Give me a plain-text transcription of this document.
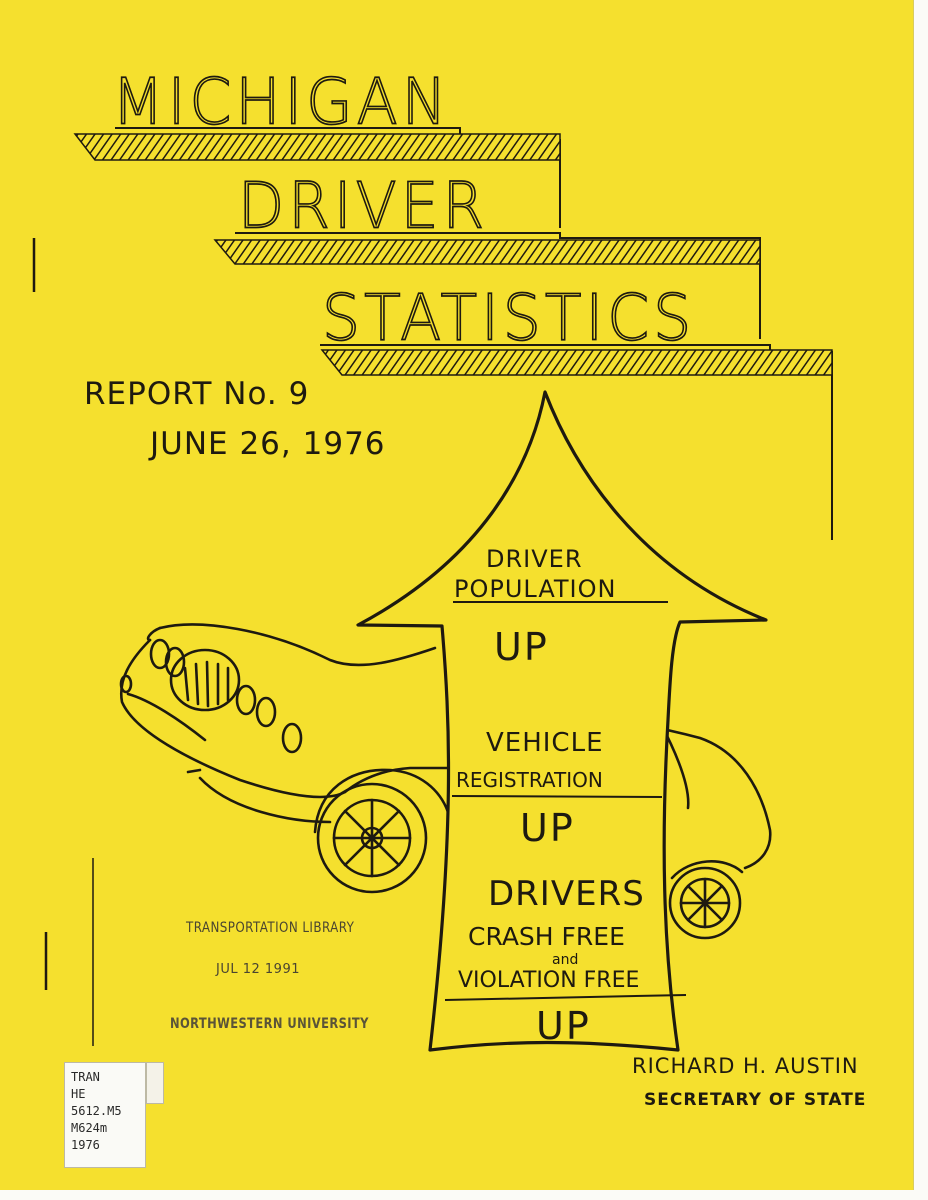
MICHIGAN
DRIVER
STATISTICS
REPORT No. 9
JUNE 26, 1976
DRIVER
POPULATION
UP
VEHICLE
REGISTRATION
UP
DRIVERS
CRASH FREE
and
VIOLATION FREE
UP
RICHARD H. AUSTIN
SECRETARY OF STATE
TRANSPORTATION LIBRARY
JUL 12 1991
NORTHWESTERN UNIVERSITY
TRAN
HE
5612.M5
M624m
1976
